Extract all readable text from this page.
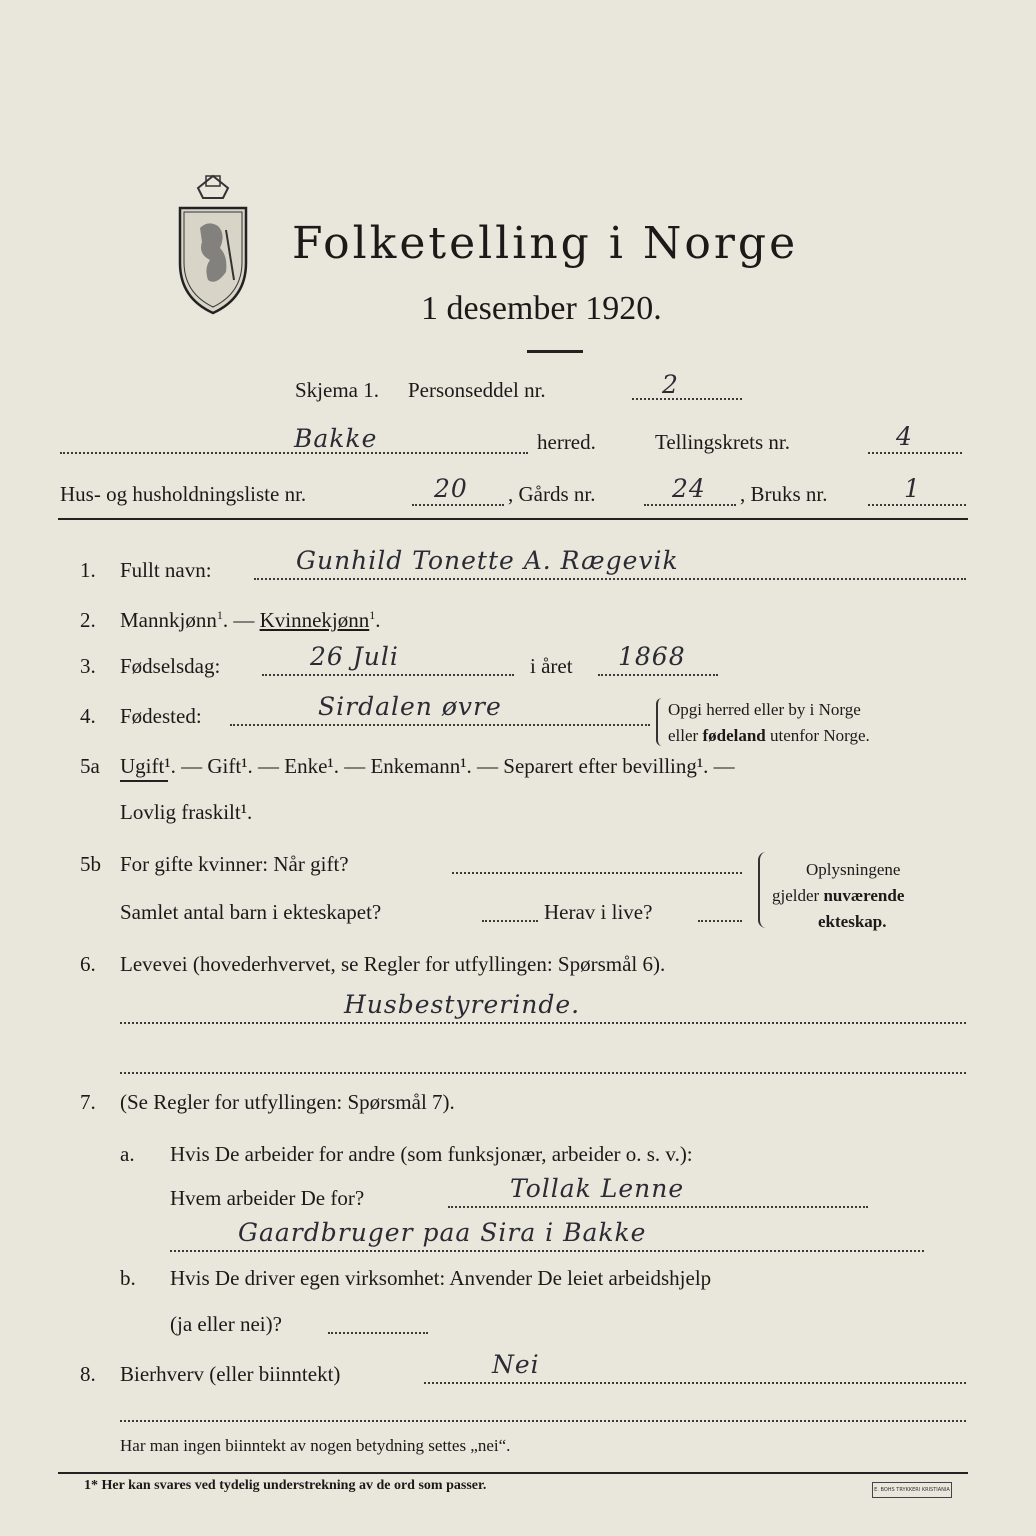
Folketelling i Norge
1 desember 1920.
Skjema 1. Personseddel nr.	2
Bakke	herred.	Tellingskrets nr.	4
Hus- og husholdningsliste nr.	20 , Gårds nr.	24 , Bruks nr.	1
1. Fullt navn:	Gunhild Tonette A. Rægevik
2. Mannkjønn$^1$. — Kvinnekjønn$^1$.
3. Fødselsdag:	26 Juli	i året 1868
4. Fødested:	Sirdalen øvre	Opgi herred eller by i Norge
eller fødeland utenfor Norge.
5a Ugift¹. — Gift¹. — Enke¹. — Enkemann¹. — Separert efter bevilling¹. —
Lovlig fraskilt¹.
5b For gifte kvinner: Når gift?
Samlet antal barn i ekteskapet?	Herav i live?
Oplysningene
gjelder nuværende
ekteskap.
6. Levevei (hovederhvervet, se Regler for utfyllingen: Spørsmål 6).
Husbestyrerinde.
7. (Se Regler for utfyllingen: Spørsmål 7).
a. Hvis De arbeider for andre (som funksjonær, arbeider o. s. v.):
Hvem arbeider De for?	Tollak Lenne
Gaardbruger paa Sira i Bakke
b. Hvis De driver egen virksomhet: Anvender De leiet arbeidshjelp
(ja eller nei)?
8. Bierhverv (eller biinntekt)	Nei
Har man ingen biinntekt av nogen betydning settes „nei“.
1* Her kan svares ved tydelig understrekning av de ord som passer.	E. BOHS TRYKKERI KRISTIANIA
